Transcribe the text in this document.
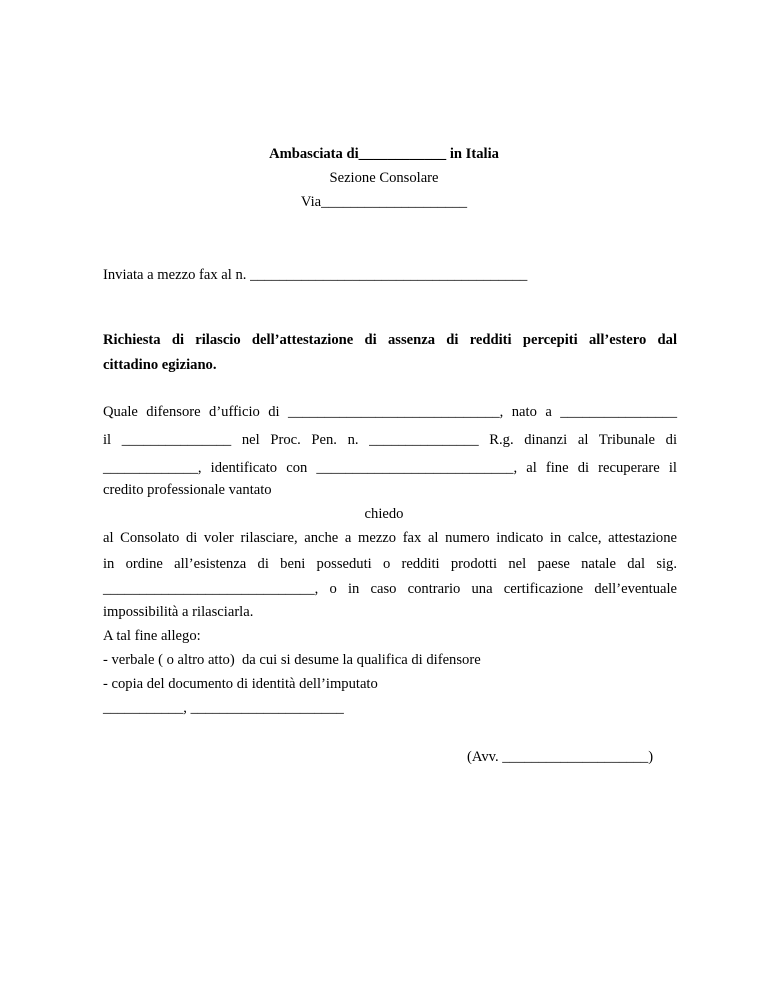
Ambasciata di____________ in Italia
Sezione Consolare
Via____________________
Inviata a mezzo fax al n. ______________________________________
Richiesta di rilascio dell’attestazione di assenza di redditi percepiti all’estero dal
cittadino egiziano.
Quale difensore d’ufficio di _____________________________, nato a ________________
il _______________ nel Proc. Pen. n. _______________ R.g. dinanzi al Tribunale di
_____________, identificato con ___________________________, al fine di recuperare il
credito professionale vantato
chiedo
al Consolato di voler rilasciare, anche a mezzo fax al numero indicato in calce, attestazione
in ordine all’esistenza di beni posseduti o redditi prodotti nel paese natale dal sig.
_____________________________, o in caso contrario una certificazione dell’eventuale
impossibilità a rilasciarla.
A tal fine allego:
- verbale ( o altro atto)  da cui si desume la qualifica di difensore
- copia del documento di identità dell’imputato
___________, _____________________
(Avv. ____________________)
